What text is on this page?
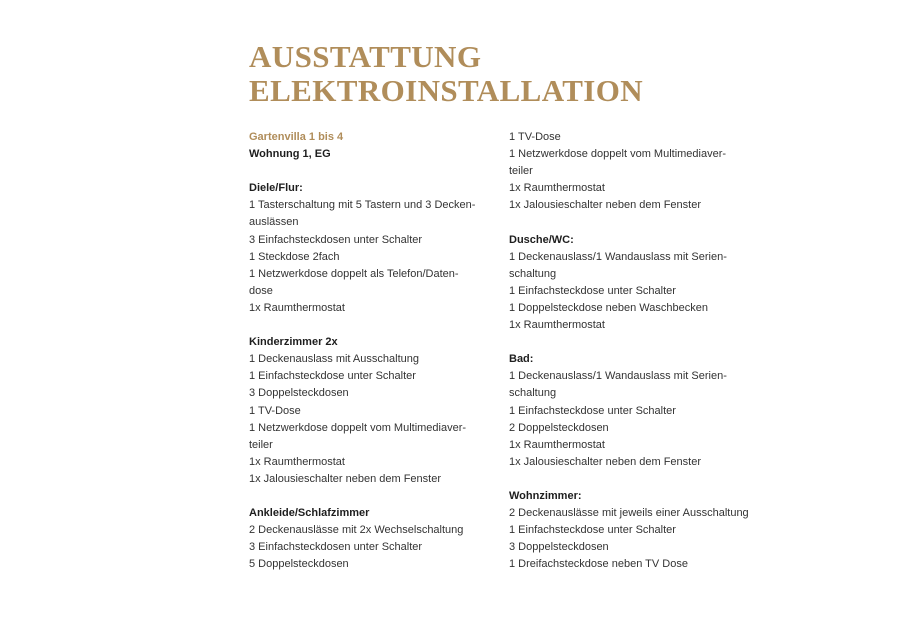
AUSSTATTUNG
ELEKTROINSTALLATION
Gartenvilla 1 bis 4
Wohnung 1, EG
Diele/Flur:
1 Tasterschaltung mit 5 Tastern und 3 Decken-
auslässen
3 Einfachsteckdosen unter Schalter
1 Steckdose 2fach
1 Netzwerkdose doppelt als Telefon/Daten-
dose
1x Raumthermostat
Kinderzimmer 2x
1 Deckenauslass mit Ausschaltung
1 Einfachsteckdose unter Schalter
3 Doppelsteckdosen
1 TV-Dose
1 Netzwerkdose doppelt vom Multimediaver-
teiler
1x Raumthermostat
1x Jalousieschalter neben dem Fenster
Ankleide/Schlafzimmer
2 Deckenauslässe mit 2x Wechselschaltung
3 Einfachsteckdosen unter Schalter
5 Doppelsteckdosen
1 TV-Dose
1 Netzwerkdose doppelt vom Multimediaver-
teiler
1x Raumthermostat
1x Jalousieschalter neben dem Fenster
Dusche/WC:
1 Deckenauslass/1 Wandauslass mit Serien-
schaltung
1 Einfachsteckdose unter Schalter
1 Doppelsteckdose neben Waschbecken
1x Raumthermostat
Bad:
1 Deckenauslass/1 Wandauslass mit Serien-
schaltung
1 Einfachsteckdose unter Schalter
2 Doppelsteckdosen
1x Raumthermostat
1x Jalousieschalter neben dem Fenster
Wohnzimmer:
2 Deckenauslässe mit jeweils einer Ausschaltung
1 Einfachsteckdose unter Schalter
3 Doppelsteckdosen
1 Dreifachsteckdose neben TV Dose
